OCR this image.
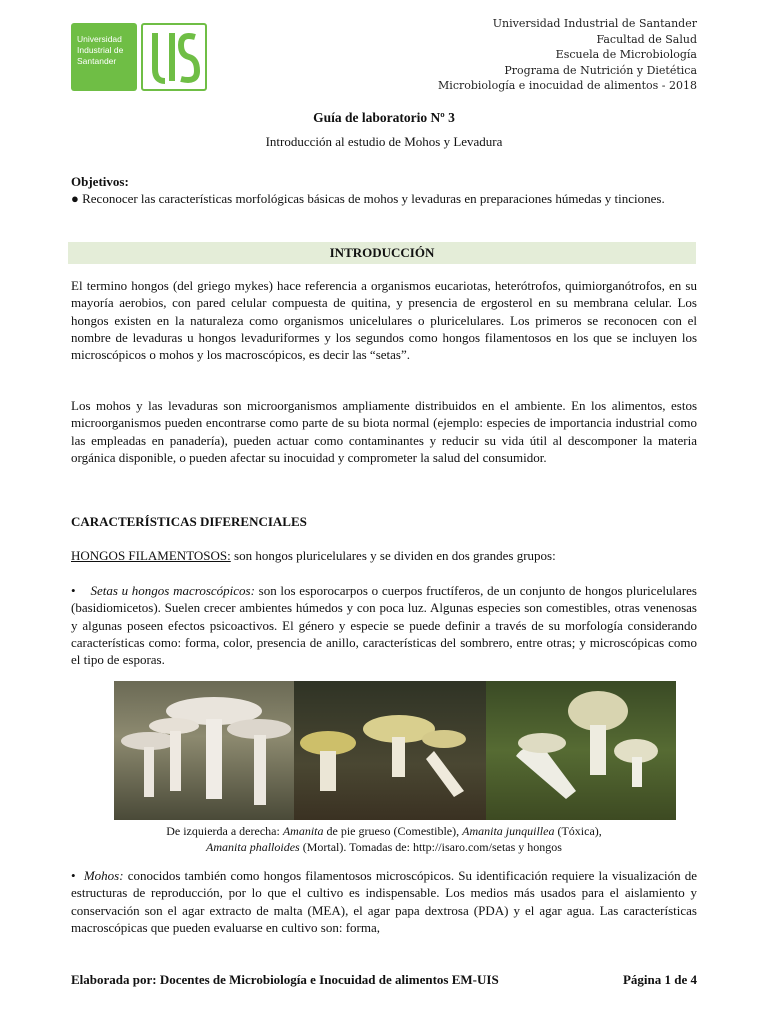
Universidad
Industrial de
Santander
Universidad Industrial de Santander
Facultad de Salud
Escuela de Microbiología
Programa de Nutrición y Dietética
Microbiología e inocuidad de alimentos - 2018
Guía de laboratorio Nº 3
Introducción al estudio de Mohos y Levadura
Objetivos:
● Reconocer las características morfológicas básicas de mohos y levaduras en preparaciones húmedas y tinciones.
INTRODUCCIÓN
El termino hongos (del griego mykes) hace referencia a organismos eucariotas, heterótrofos, quimiorganótrofos, en su mayoría aerobios, con pared celular compuesta de quitina, y presencia de ergosterol en su membrana celular. Los hongos existen en la naturaleza como organismos unicelulares o pluricelulares. Los primeros se reconocen con el nombre de levaduras u hongos levaduriformes y los segundos como hongos filamentosos en los que se incluyen los microscópicos o mohos y los macroscópicos, es decir las “setas”.
Los mohos y las levaduras son microorganismos ampliamente distribuidos en el ambiente. En los alimentos, estos microorganismos pueden encontrarse como parte de su biota normal (ejemplo: especies de importancia industrial como las empleadas en panadería), pueden actuar como contaminantes y reducir su vida útil al descomponer la materia orgánica disponible, o pueden afectar su inocuidad y comprometer la salud del consumidor.
CARACTERÍSTICAS DIFERENCIALES
HONGOS FILAMENTOSOS: son hongos pluricelulares y se dividen en dos grandes grupos:
• Setas u hongos macroscópicos: son los esporocarpos o cuerpos fructíferos, de un conjunto de hongos pluricelulares (basidiomicetos). Suelen crecer ambientes húmedos y con poca luz. Algunas especies son comestibles, otras venenosas y algunas poseen efectos psicoactivos. El género y especie se puede definir a través de su morfología considerando características como: forma, color, presencia de anillo, características del sombrero, entre otras; y microscópicas como el tipo de esporas.
De izquierda a derecha: Amanita de pie grueso (Comestible), Amanita junquillea (Tóxica),
Amanita phalloides (Mortal). Tomadas de: http://isaro.com/setas y hongos
• Mohos: conocidos también como hongos filamentosos microscópicos. Su identificación requiere la visualización de estructuras de reproducción, por lo que el cultivo es indispensable. Los medios más usados para el aislamiento y conservación son el agar extracto de malta (MEA), el agar papa dextrosa (PDA) y el agar agua. Las características macroscópicas que pueden evaluarse en cultivo son: forma,
Elaborada por: Docentes de Microbiología e Inocuidad de alimentos EM-UIS	Página 1 de 4
